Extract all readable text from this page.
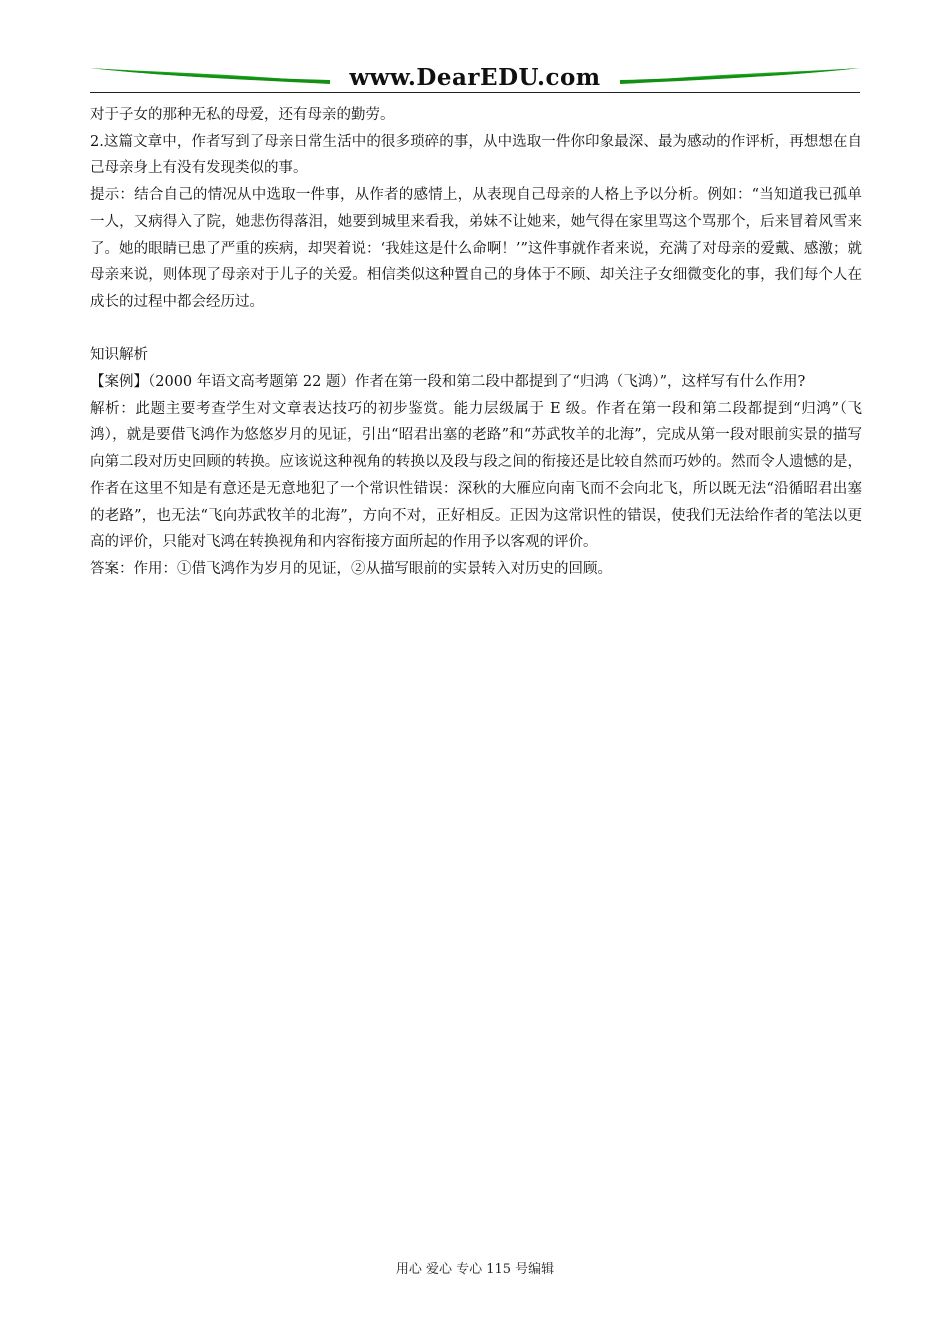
www.DearEDU.com

对于子女的那种无私的母爱，还有母亲的勤劳。

2.这篇文章中，作者写到了母亲日常生活中的很多琐碎的事，从中选取一件你印象最深、最为感动的作评析，再想想在自己母亲身上有没有发现类似的事。

提示：结合自己的情况从中选取一件事，从作者的感情上，从表现自己母亲的人格上予以分析。例如：“当知道我已孤单一人，又病得入了院，她悲伤得落泪，她要到城里来看我，弟妹不让她来，她气得在家里骂这个骂那个，后来冒着风雪来了。她的眼睛已患了严重的疾病，却哭着说：‘我娃这是什么命啊！’”这件事就作者来说，充满了对母亲的爱戴、感激；就母亲来说，则体现了母亲对于儿子的关爱。相信类似这种置自己的身体于不顾、却关注子女细微变化的事，我们每个人在成长的过程中都会经历过。

知识解析

【案例】（2000 年语文高考题第 22 题）作者在第一段和第二段中都提到了“归鸿（飞鸿）”，这样写有什么作用?

解析：此题主要考查学生对文章表达技巧的初步鉴赏。能力层级属于 E 级。作者在第一段和第二段都提到“归鸿”（飞鸿），就是要借飞鸿作为悠悠岁月的见证，引出“昭君出塞的老路”和“苏武牧羊的北海”，完成从第一段对眼前实景的描写向第二段对历史回顾的转换。应该说这种视角的转换以及段与段之间的衔接还是比较自然而巧妙的。然而令人遗憾的是，作者在这里不知是有意还是无意地犯了一个常识性错误：深秋的大雁应向南飞而不会向北飞，所以既无法“沿循昭君出塞的老路”，也无法“飞向苏武牧羊的北海”，方向不对，正好相反。正因为这常识性的错误，使我们无法给作者的笔法以更高的评价，只能对飞鸿在转换视角和内容衔接方面所起的作用予以客观的评价。

答案：作用：①借飞鸿作为岁月的见证，②从描写眼前的实景转入对历史的回顾。

用心 爱心 专心 115 号编辑
